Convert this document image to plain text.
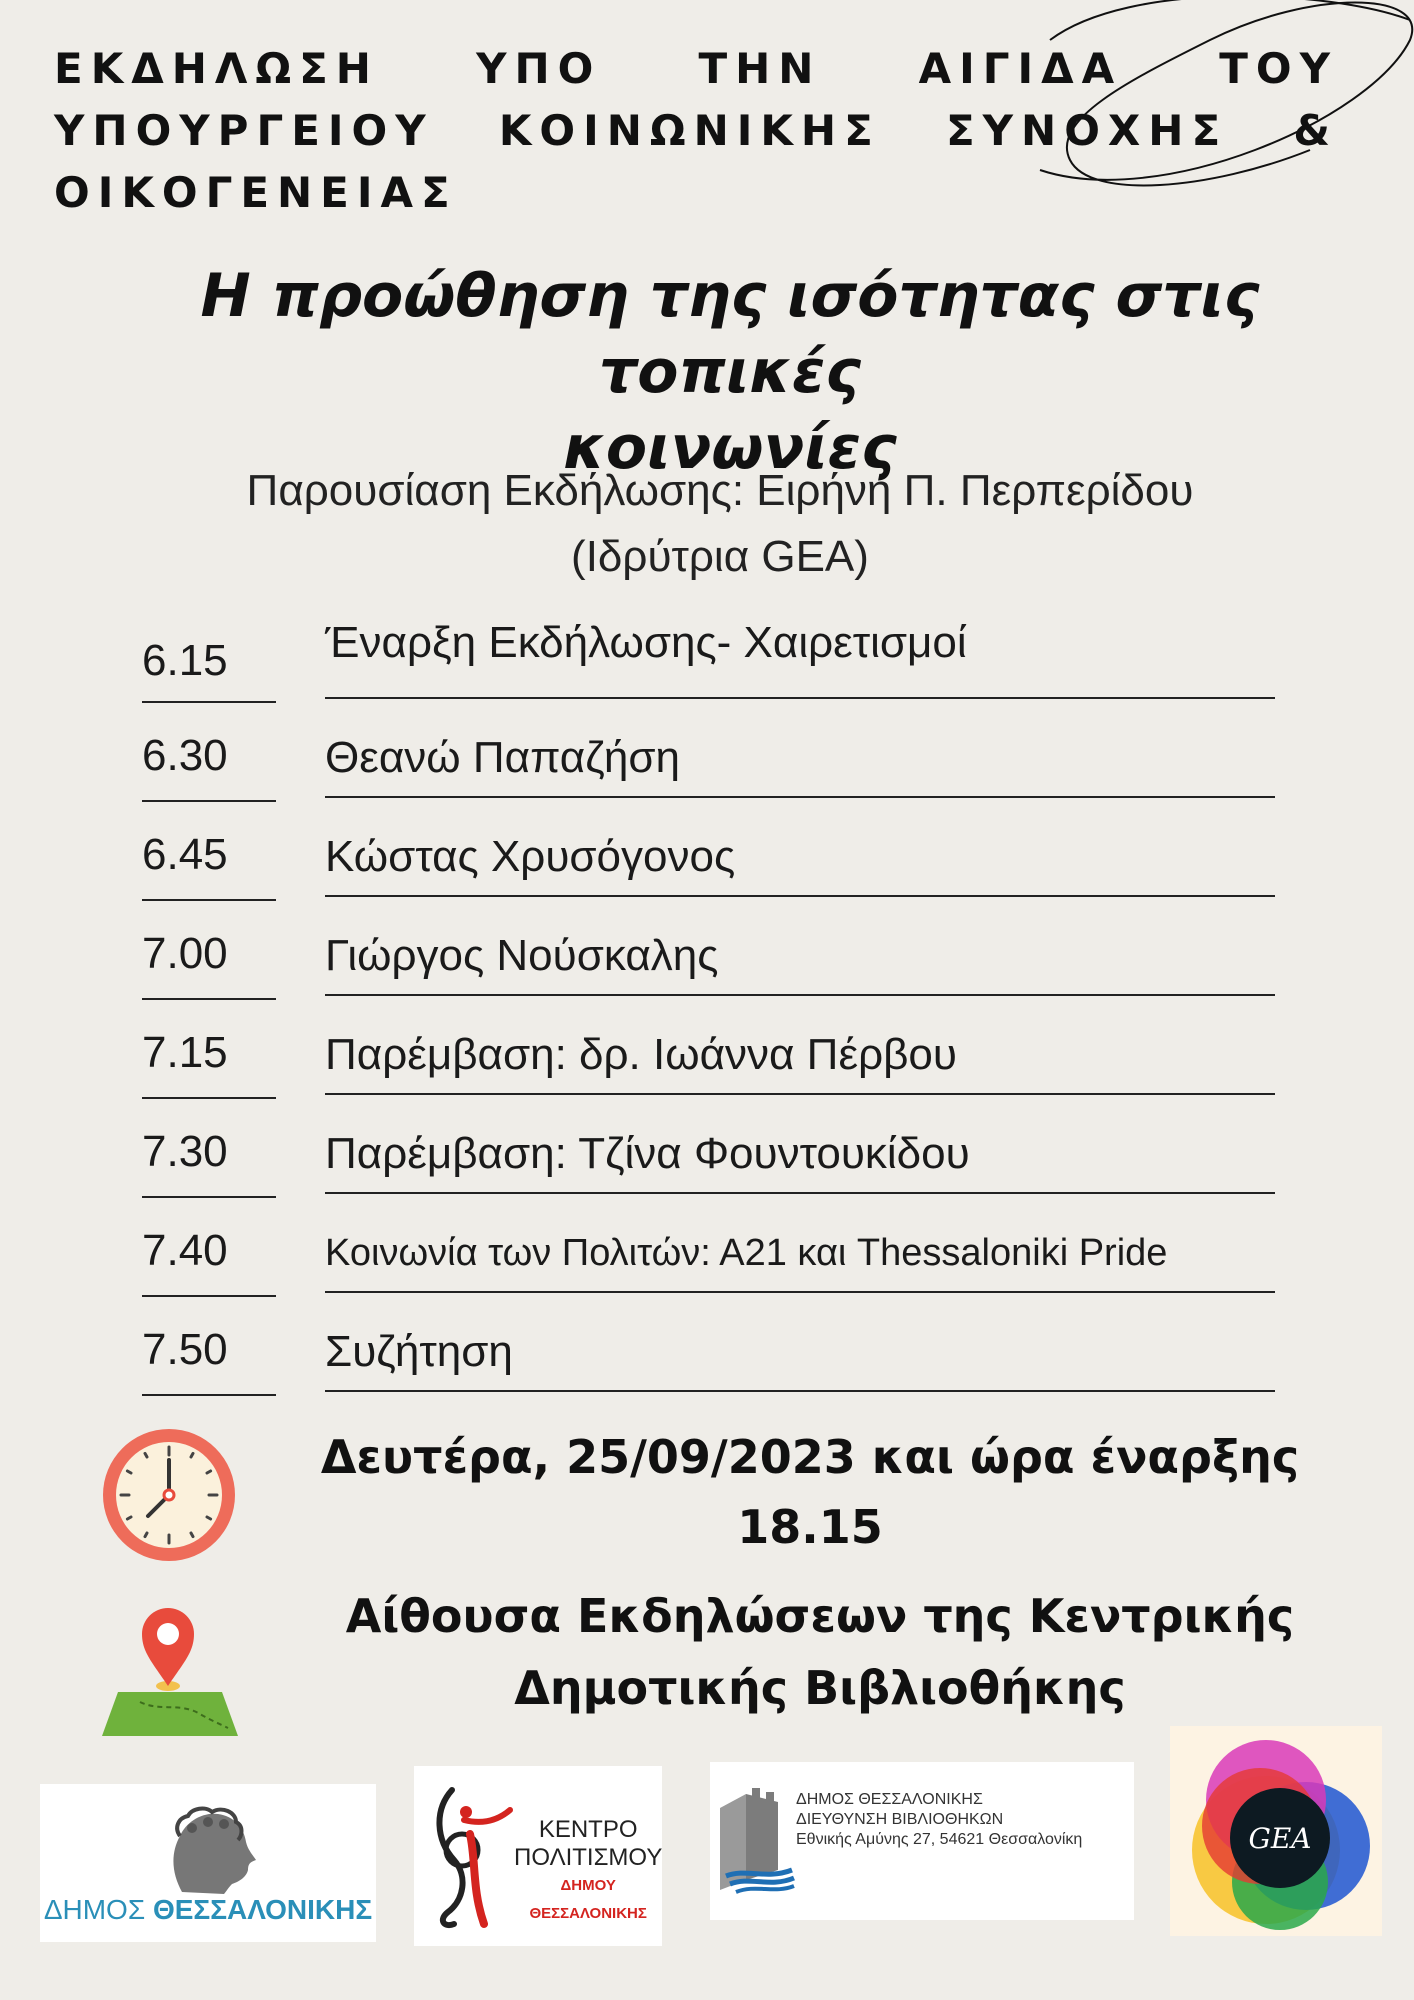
ΕΚΔΗΛΩΣΗ ΥΠΟ ΤΗΝ ΑΙΓΙΔΑ ΤΟΥ
ΥΠΟΥΡΓΕΙΟΥ ΚΟΙΝΩΝΙΚΗΣ ΣΥΝΟΧΗΣ &
ΟΙΚΟΓΕΝΕΙΑΣ
Η προώθηση της ισότητας στις τοπικές
κοινωνίες
Παρουσίαση Εκδήλωσης: Ειρήνη Π. Περπερίδου
(Ιδρύτρια GEA)
6.15	Έναρξη Εκδήλωσης- Χαιρετισμοί
6.30	Θεανώ Παπαζήση
6.45	Κώστας Χρυσόγονος
7.00	Γιώργος Νούσκαλης
7.15	Παρέμβαση: δρ. Ιωάννα Πέρβου
7.30	Παρέμβαση: Τζίνα Φουντουκίδου
7.40	Κοινωνία των Πολιτών: Α21 και Thessaloniki Pride
7.50	Συζήτηση
Δευτέρα, 25/09/2023 και ώρα έναρξης
18.15
Αίθουσα Εκδηλώσεων της Κεντρικής
Δημοτικής Βιβλιοθήκης
ΔΗΜΟΣ ΘΕΣΣΑΛΟΝΙΚΗΣ
ΚΕΝΤΡΟ
ΠΟΛΙΤΙΣΜΟΥ
ΔΗΜΟΥ ΘΕΣΣΑΛΟΝΙΚΗΣ
ΔΗΜΟΣ ΘΕΣΣΑΛΟΝΙΚΗΣ
ΔΙΕΥΘΥΝΣΗ ΒΙΒΛΙΟΘΗΚΩΝ
Εθνικής Αμύνης 27, 54621 Θεσσαλονίκη	GEA
